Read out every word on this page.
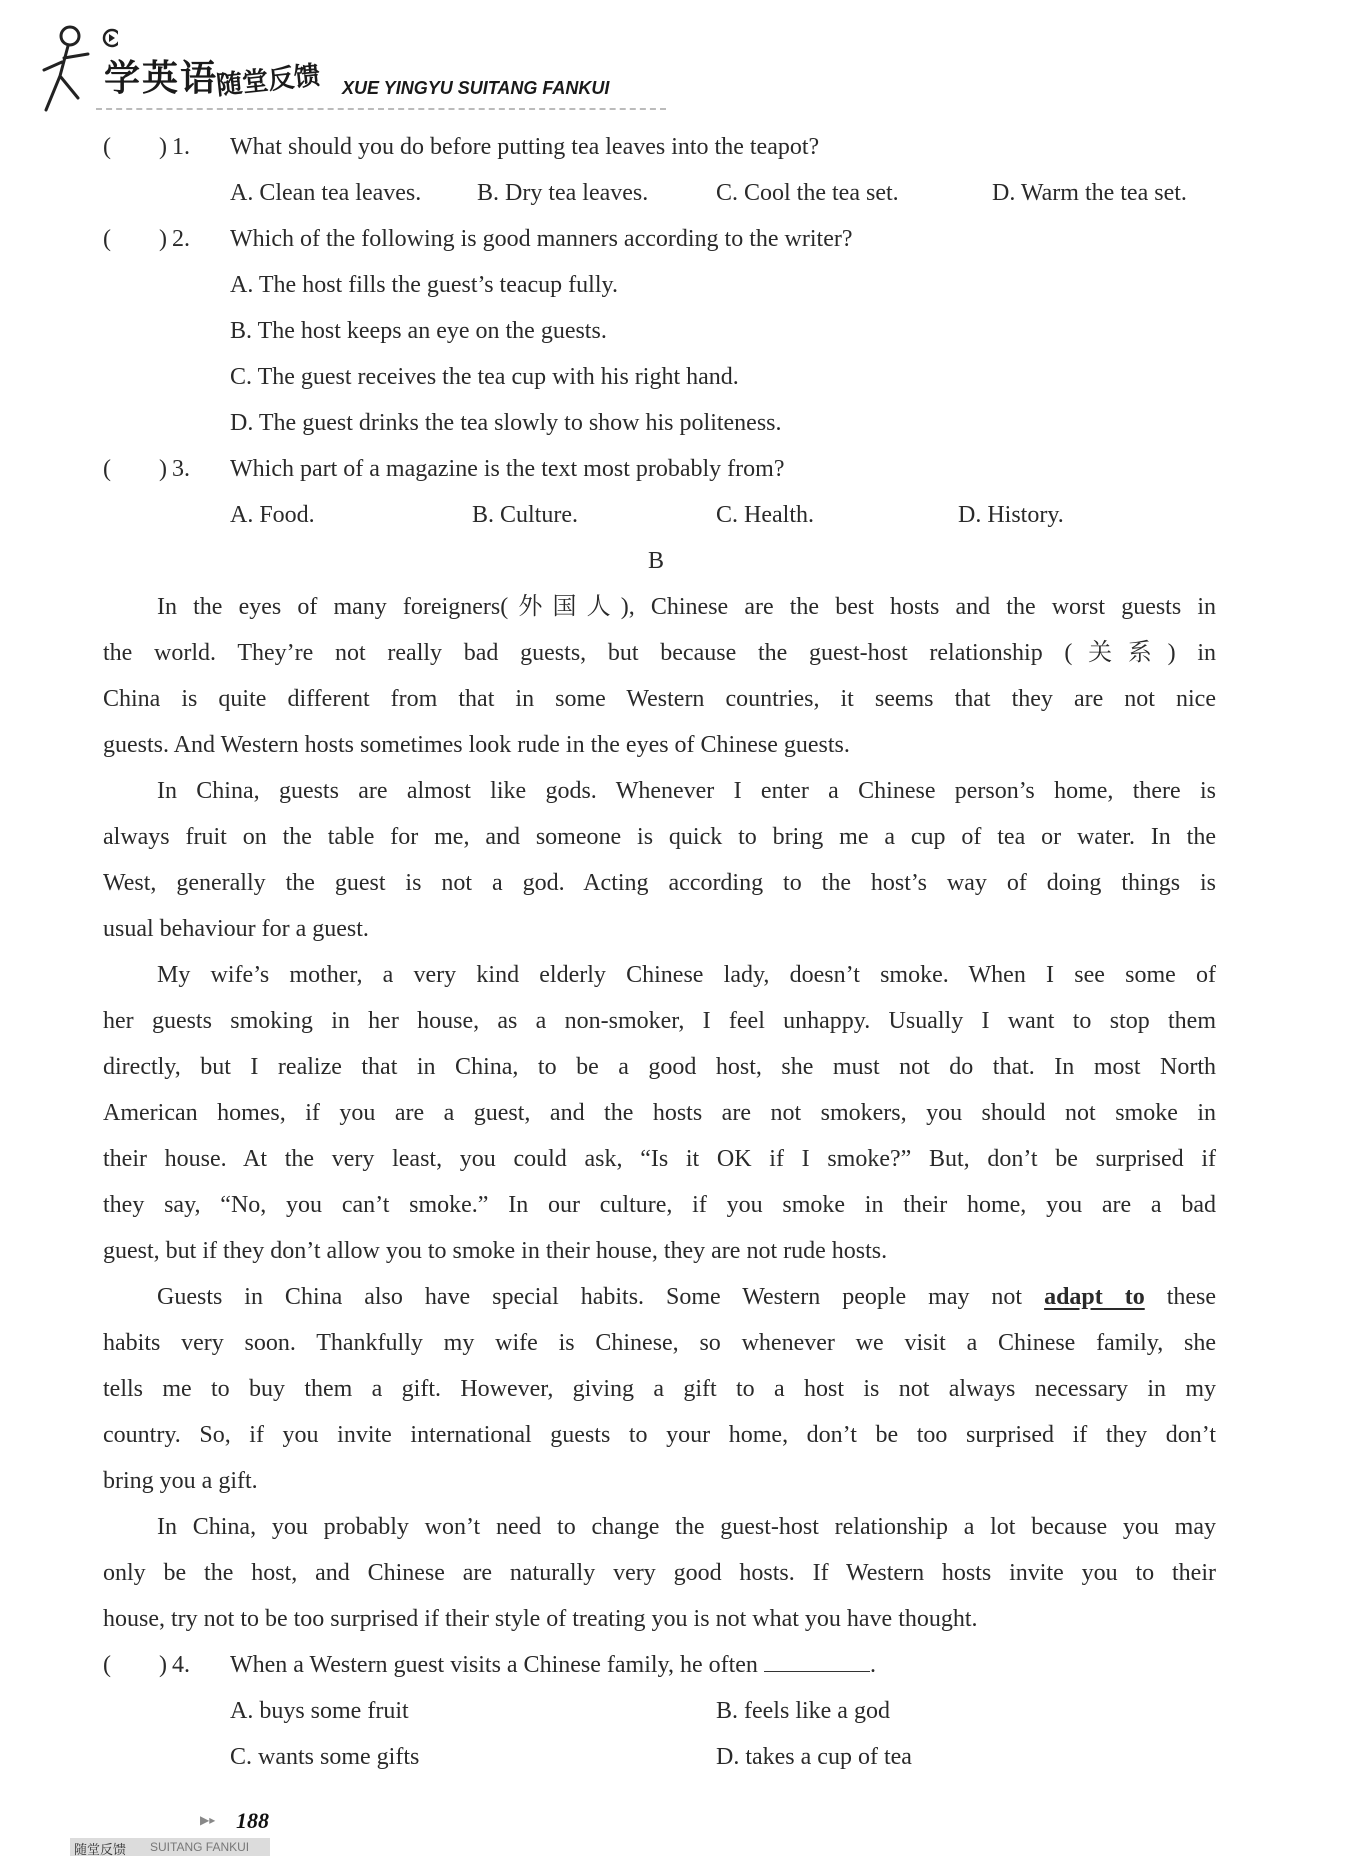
学英语
随堂反馈 XUE YINGYU SUITANG FANKUI
(　　) 1. What should you do before putting tea leaves into the teapot?
A. Clean tea leaves. B. Dry tea leaves.	C. Cool the tea set.	D. Warm the tea set.
(　　) 2. Which of the following is good manners according to the writer?
A. The host fills the guest’s teacup fully.
B. The host keeps an eye on the guests.
C. The guest receives the tea cup with his right hand.
D. The guest drinks the tea slowly to show his politeness.
(　　) 3. Which part of a magazine is the text most probably from?
A. Food.	B. Culture.	C. Health.	D. History.
B
In the eyes of many foreigners(外国人), Chinese are the best hosts and the worst guests in
the world. They’re not really bad guests, but because the guest-host relationship (关系) in
China is quite different from that in some Western countries, it seems that they are not nice
guests. And Western hosts sometimes look rude in the eyes of Chinese guests.
In China, guests are almost like gods. Whenever I enter a Chinese person’s home, there is
always fruit on the table for me, and someone is quick to bring me a cup of tea or water. In the
West, generally the guest is not a god. Acting according to the host’s way of doing things is
usual behaviour for a guest.
My wife’s mother, a very kind elderly Chinese lady, doesn’t smoke. When I see some of
her guests smoking in her house, as a non-smoker, I feel unhappy. Usually I want to stop them
directly, but I realize that in China, to be a good host, she must not do that. In most North
American homes, if you are a guest, and the hosts are not smokers, you should not smoke in
their house. At the very least, you could ask, “Is it OK if I smoke?” But, don’t be surprised if
they say, “No, you can’t smoke.” In our culture, if you smoke in their home, you are a bad
guest, but if they don’t allow you to smoke in their house, they are not rude hosts.
Guests in China also have special habits. Some Western people may not adapt to these
habits very soon. Thankfully my wife is Chinese, so whenever we visit a Chinese family, she
tells me to buy them a gift. However, giving a gift to a host is not always necessary in my
country. So, if you invite international guests to your home, don’t be too surprised if they don’t
bring you a gift.
In China, you probably won’t need to change the guest-host relationship a lot because you may
only be the host, and Chinese are naturally very good hosts. If Western hosts invite you to their
house, try not to be too surprised if their style of treating you is not what you have thought.
(　　) 4. When a Western guest visits a Chinese family, he often	.
A. buys some fruit	B. feels like a god
C. wants some gifts	D. takes a cup of tea
▶▸ 188
随堂反馈 SUITANG FANKUI
